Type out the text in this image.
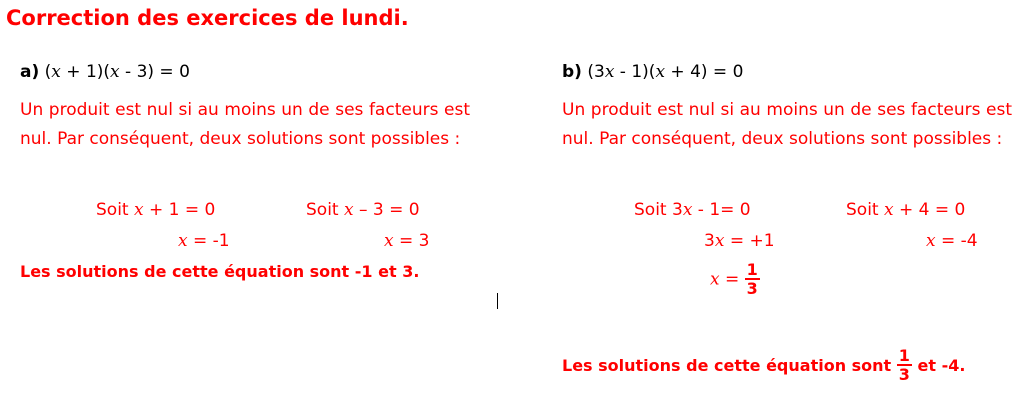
Correction des exercices de lundi.
a) (x + 1)(x - 3) = 0
Un produit est nul si au moins un de ses facteurs est nul. Par conséquent, deux solutions sont possibles :
Soit x + 1 = 0	Soit x – 3 = 0
x = -1	x = 3
Les solutions de cette équation sont -1 et 3.
b) (3x - 1)(x + 4) = 0
Un produit est nul si au moins un de ses facteurs est nul. Par conséquent, deux solutions sont possibles :
Soit 3x - 1= 0	Soit x + 4 = 0
3x = +1	x = -4
$x = \frac{1}{3}$
Les solutions de cette équation sont $\frac{1}{3}$ et -4.
